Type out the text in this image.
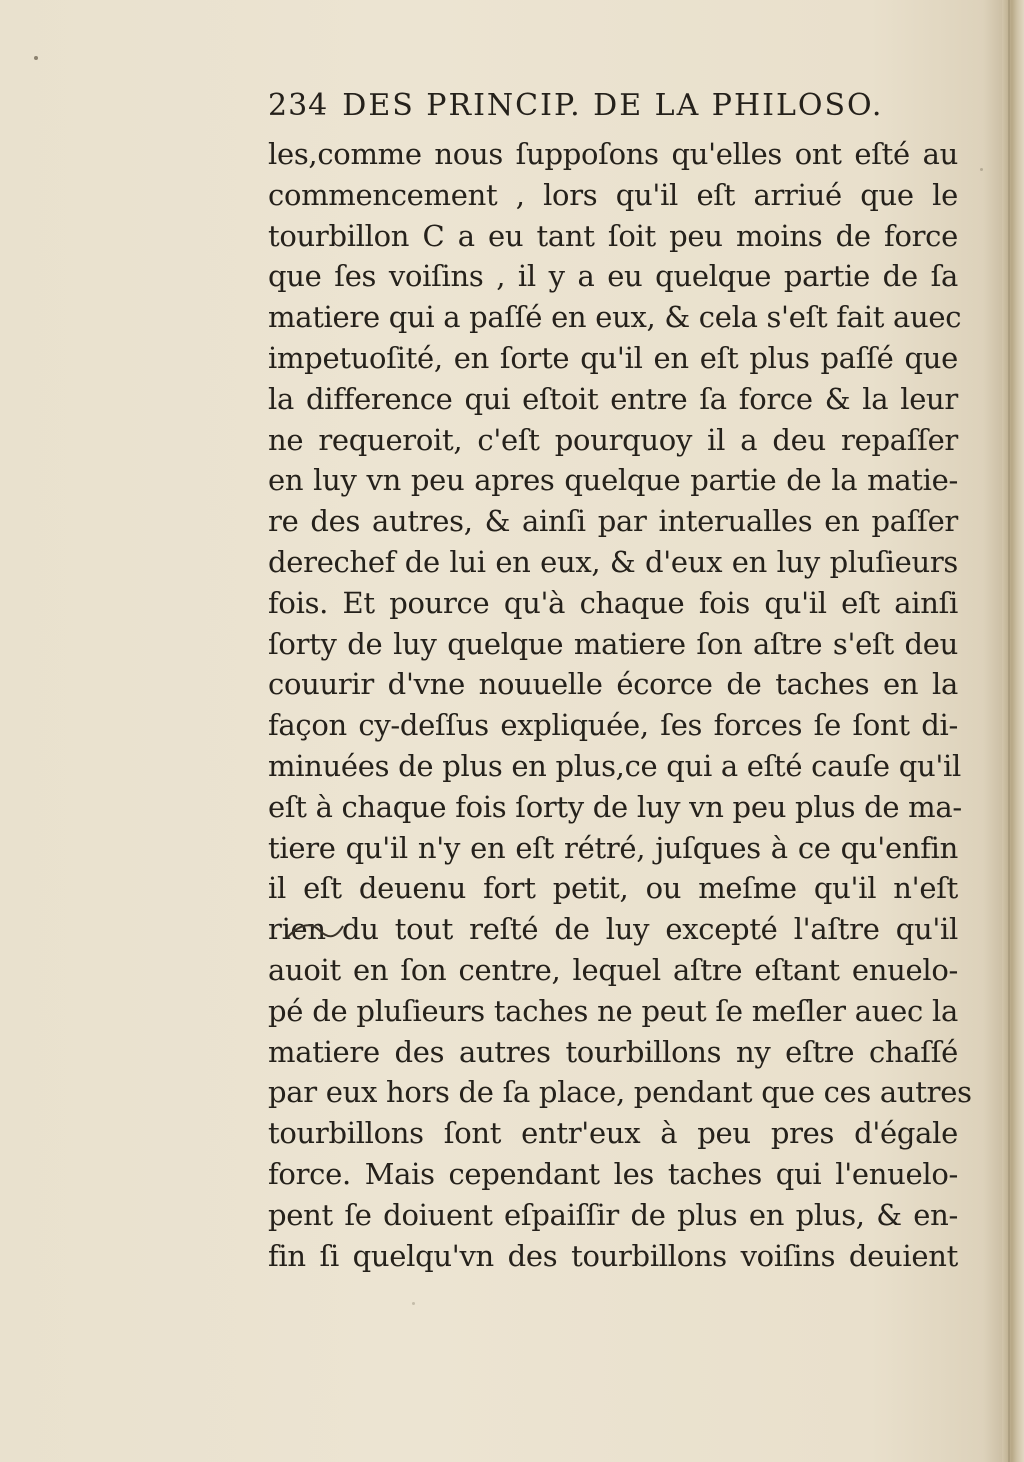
234 DES PRINCIP. DE LA PHILOSO.
les,comme nous ſuppoſons qu'elles ont eſté au
commencement , lors qu'il eſt arriué que le
tourbillon C a eu tant ſoit peu moins de force
que ſes voiſins , il y a eu quelque partie de ſa
matiere qui a paſſé en eux, & cela s'eſt fait auec
impetuoſité, en ſorte qu'il en eſt plus paſſé que
la difference qui eſtoit entre ſa force & la leur
ne requeroit, c'eſt pourquoy il a deu repaſſer
en luy vn peu apres quelque partie de la matie-
re des autres, & ainſi par interualles en paſſer
derechef de lui en eux, & d'eux en luy pluſieurs
fois. Et pource qu'à chaque fois qu'il eſt ainſi
ſorty de luy quelque matiere ſon aſtre s'eſt deu
couurir d'vne nouuelle écorce de taches en la
façon cy-deſſus expliquée, ſes forces ſe ſont di-
minuées de plus en plus,ce qui a eſté cauſe qu'il
eſt à chaque fois ſorty de luy vn peu plus de ma-
tiere qu'il n'y en eſt rétré, juſques à ce qu'enfin
il eſt deuenu fort petit, ou meſme qu'il n'eſt
rien du tout reſté de luy excepté l'aſtre qu'il
auoit en ſon centre, lequel aſtre eſtant enuelo-
pé de pluſieurs taches ne peut ſe meſler auec la
matiere des autres tourbillons ny eſtre chaſſé
par eux hors de ſa place, pendant que ces autres
tourbillons ſont entr'eux à peu pres d'égale
force. Mais cependant les taches qui l'enuelo-
pent ſe doiuent eſpaiſſir de plus en plus, & en-
fin ſi quelqu'vn des tourbillons voiſins deuient
